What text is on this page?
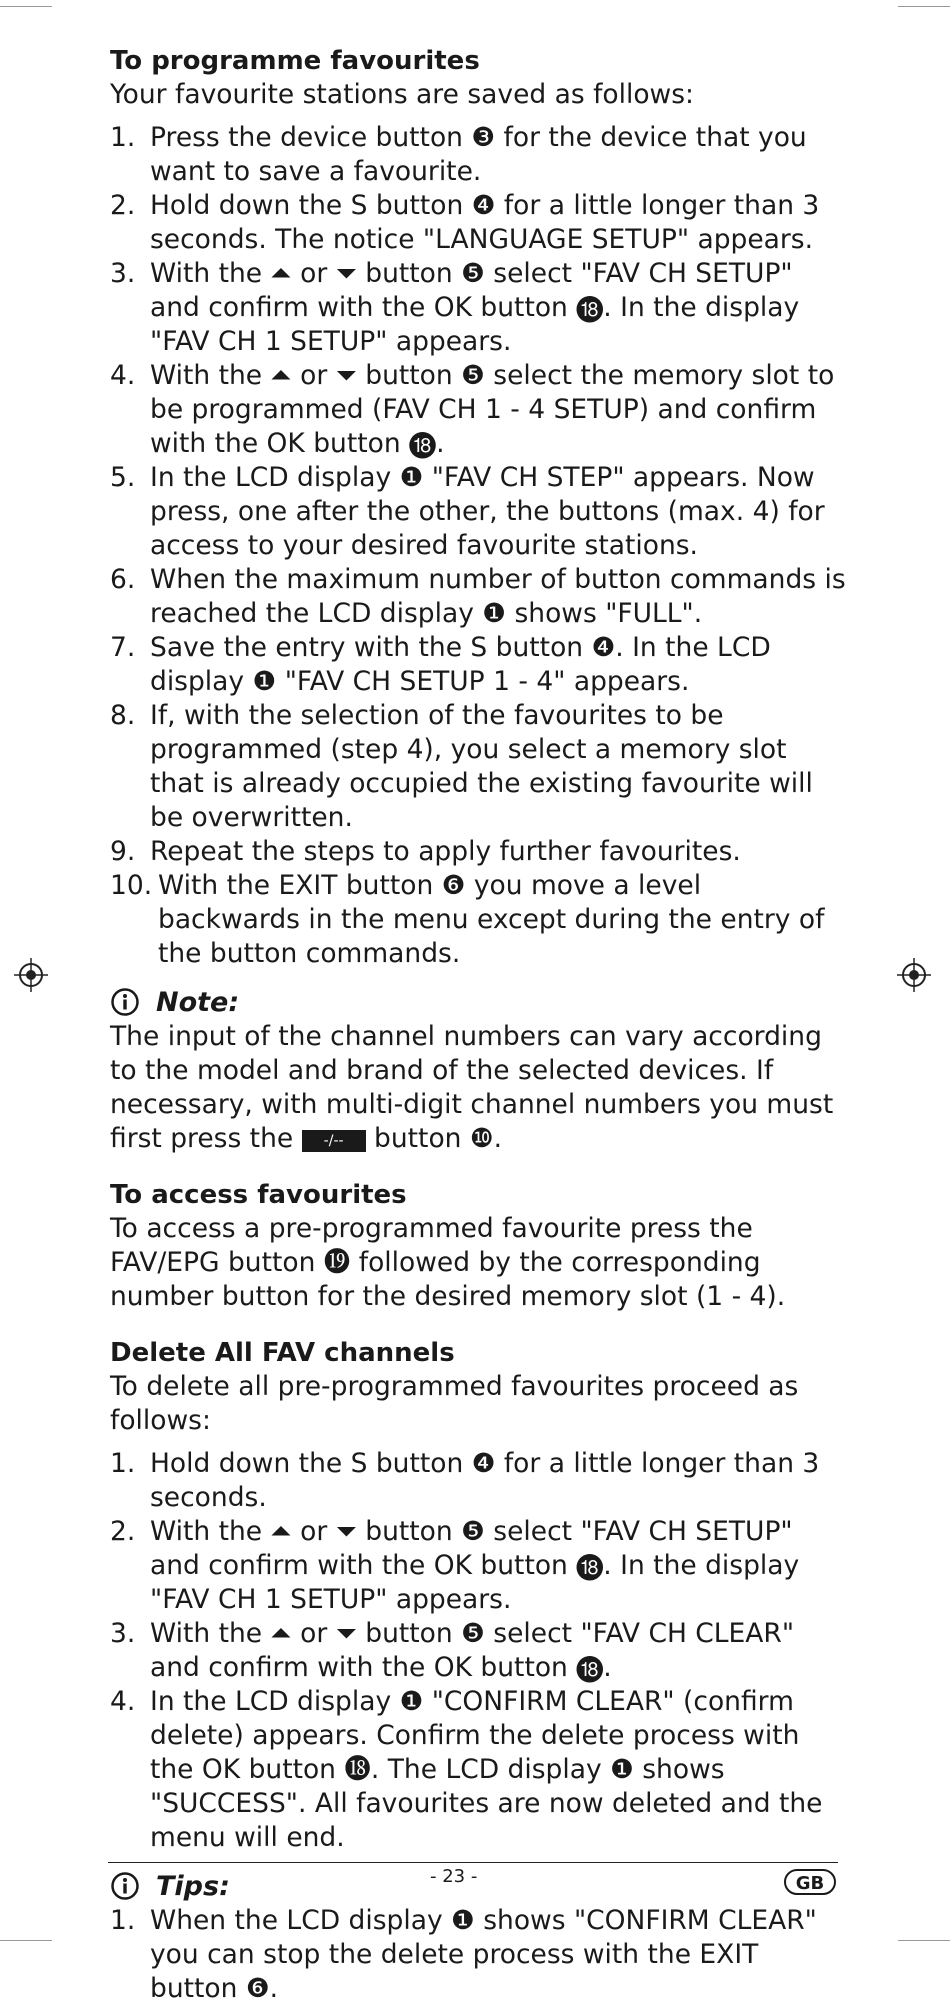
To programme favourites

Your favourite stations are saved as follows:

1. Press the device button ❸ for the device that you want to save a favourite.
2. Hold down the S button ❹ for a little longer than 3 seconds. The notice "LANGUAGE SETUP" appears.
3. With the ⏶ or ⏷ button ❺ select "FAV CH SETUP" and confirm with the OK button ⓲. In the display "FAV CH 1 SETUP" appears.
4. With the ⏶ or ⏷ button ❺ select the memory slot to be programmed (FAV CH 1 - 4 SETUP) and confirm with the OK button ⓲.
5. In the LCD display ❶ "FAV CH STEP" appears. Now press, one after the other, the buttons (max. 4) for access to your desired favourite stations.
6. When the maximum number of button commands is reached the LCD display ❶ shows "FULL".
7. Save the entry with the S button ❹. In the LCD display ❶ "FAV CH SETUP 1 - 4" appears.
8. If, with the selection of the favourites to be programmed (step 4), you select a memory slot that is already occupied the existing favourite will be overwritten.
9. Repeat the steps to apply further favourites.
10. With the EXIT button ❻ you move a level backwards in the menu except during the entry of the button commands.
Note:

The input of the channel numbers can vary according to the model and brand of the selected devices. If necessary, with multi-digit channel numbers you must first press the -/-- button ❿.

To access favourites

To access a pre-programmed favourite press the FAV/EPG button ⓳ followed by the corresponding number button for the desired memory slot (1 - 4).

Delete All FAV channels

To delete all pre-programmed favourites proceed as follows:

1. Hold down the S button ❹ for a little longer than 3 seconds.
2. With the ⏶ or ⏷ button ❺ select "FAV CH SETUP" and confirm with the OK button ⓲. In the display "FAV CH 1 SETUP" appears.
3. With the ⏶ or ⏷ button ❺ select "FAV CH CLEAR" and confirm with the OK button ⓲.
4. In the LCD display ❶ "CONFIRM CLEAR" (confirm delete) appears. Confirm the delete process with the OK button ⓲. The LCD display ❶ shows "SUCCESS". All favourites are now deleted and the menu will end.
Tips:
1. When the LCD display ❶ shows "CONFIRM CLEAR" you can stop the delete process with the EXIT button ❻.
- 23 -	GB
